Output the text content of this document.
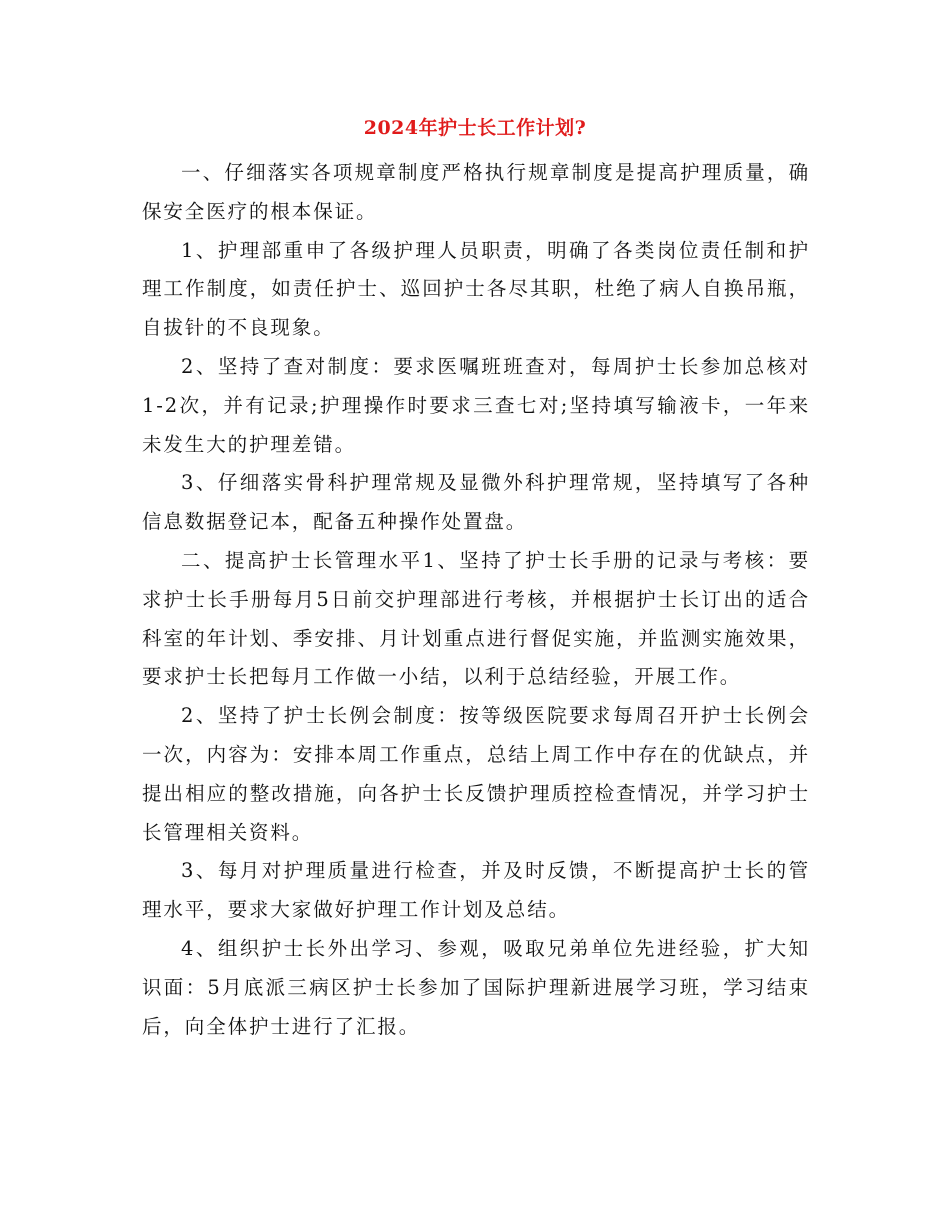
2024年护士长工作计划?

一、仔细落实各项规章制度严格执行规章制度是提高护理质量，确保安全医疗的根本保证。

1、护理部重申了各级护理人员职责，明确了各类岗位责任制和护理工作制度，如责任护士、巡回护士各尽其职，杜绝了病人自换吊瓶，自拔针的不良现象。

2、坚持了查对制度：要求医嘱班班查对，每周护士长参加总核对1-2次，并有记录;护理操作时要求三查七对;坚持填写输液卡，一年来未发生大的护理差错。

3、仔细落实骨科护理常规及显微外科护理常规，坚持填写了各种信息数据登记本，配备五种操作处置盘。

二、提高护士长管理水平1、坚持了护士长手册的记录与考核：要求护士长手册每月5日前交护理部进行考核，并根据护士长订出的适合科室的年计划、季安排、月计划重点进行督促实施，并监测实施效果，要求护士长把每月工作做一小结，以利于总结经验，开展工作。

2、坚持了护士长例会制度：按等级医院要求每周召开护士长例会一次，内容为：安排本周工作重点，总结上周工作中存在的优缺点，并提出相应的整改措施，向各护士长反馈护理质控检查情况，并学习护士长管理相关资料。

3、每月对护理质量进行检查，并及时反馈，不断提高护士长的管理水平，要求大家做好护理工作计划及总结。

4、组织护士长外出学习、参观，吸取兄弟单位先进经验，扩大知识面：5月底派三病区护士长参加了国际护理新进展学习班，学习结束后，向全体护士进行了汇报。
